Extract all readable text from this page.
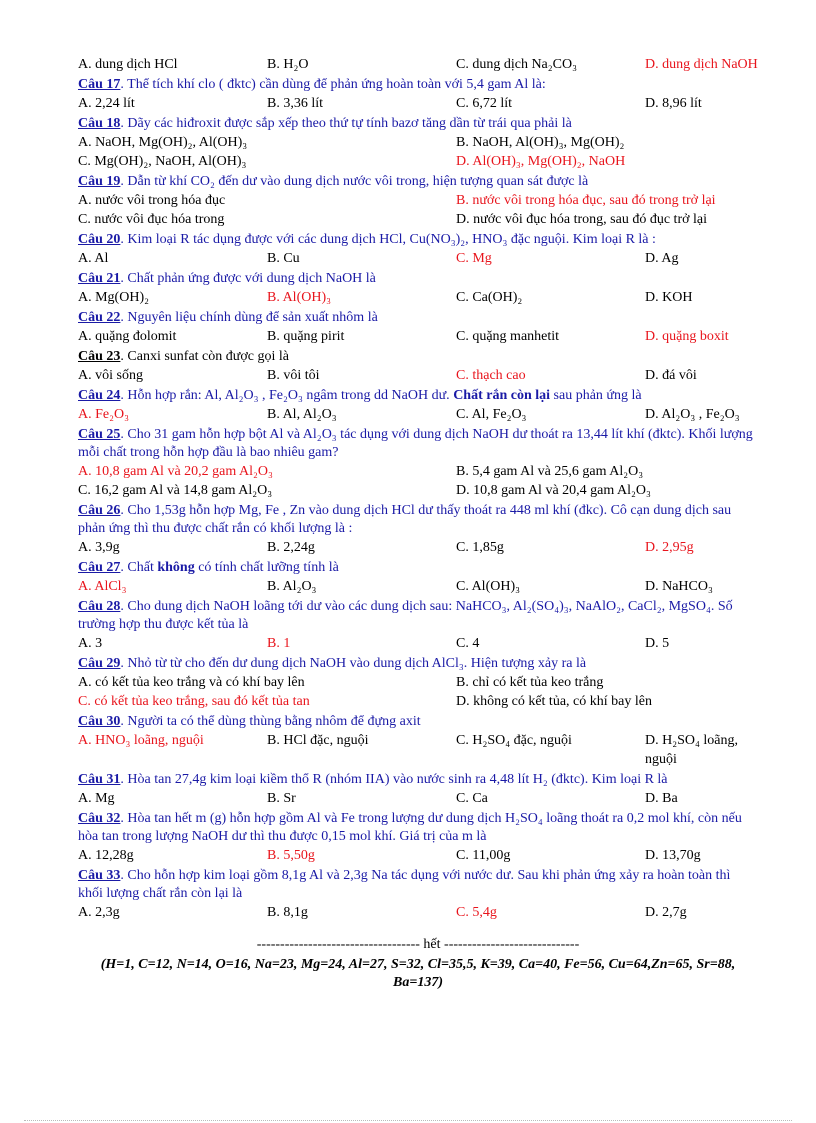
A. dung dịch HCl	B. H₂O	C. dung dịch Na₂CO₃	D. dung dịch NaOH
Câu 17. Thể tích khí clo ( đktc) cần dùng để phản ứng hoàn toàn với 5,4 gam Al là:
A. 2,24 lít	B. 3,36 lít	C. 6,72 lít	D. 8,96 lít
Câu 18. Dãy các hiđroxit được sắp xếp theo thứ tự tính bazơ tăng dần từ trái qua phải là
A. NaOH, Mg(OH)₂, Al(OH)₃	B. NaOH, Al(OH)₃, Mg(OH)₂
C. Mg(OH)₂, NaOH, Al(OH)₃	D. Al(OH)₃, Mg(OH)₂, NaOH
Câu 19. Dẫn từ khí CO₂ đến dư vào dung dịch nước vôi trong, hiện tượng quan sát được là
A. nước vôi trong hóa đục	B. nước vôi trong hóa đục, sau đó trong trở lại
C. nước vôi đục hóa trong	D. nước vôi đục hóa trong, sau đó đục trở lại
Câu 20. Kim loại R tác dụng được với các dung dịch HCl, Cu(NO₃)₂, HNO₃ đặc nguội. Kim loại R là :
A. Al	B. Cu	C. Mg	D. Ag
Câu 21. Chất phản ứng được với dung dịch NaOH là
A. Mg(OH)₂	B. Al(OH)₃	C. Ca(OH)₂	D. KOH
Câu 22. Nguyên liệu chính dùng để sản xuất nhôm là
A. quặng đolomit	B. quặng pirit	C. quặng manhetit	D. quặng boxit
Câu 23. Canxi sunfat còn được gọi là
A. vôi sống	B. vôi tôi	C. thạch cao	D. đá vôi
Câu 24. Hỗn hợp rắn: Al, Al₂O₃ , Fe₂O₃ ngâm trong dd NaOH dư. Chất rắn còn lại sau phản ứng là
A. Fe₂O₃	B. Al, Al₂O₃	C. Al, Fe₂O₃	D. Al₂O₃ , Fe₂O₃
Câu 25. Cho 31 gam hỗn hợp bột Al và Al₂O₃ tác dụng với dung dịch NaOH dư thoát ra 13,44 lít khí (đktc). Khối lượng mỗi chất trong hỗn hợp đầu là bao nhiêu gam?
A. 10,8 gam Al và 20,2 gam Al₂O₃	B. 5,4 gam Al và 25,6 gam Al₂O₃
C. 16,2 gam Al và 14,8 gam Al₂O₃	D. 10,8 gam Al và 20,4 gam Al₂O₃
Câu 26. Cho 1,53g hỗn hợp Mg, Fe , Zn vào dung dịch HCl dư thấy thoát ra 448 ml khí (đkc). Cô cạn dung dịch sau phản ứng thì thu được chất rắn có khối lượng là :
A. 3,9g	B. 2,24g	C. 1,85g	D. 2,95g
Câu 27. Chất không có tính chất lưỡng tính là
A. AlCl₃	B. Al₂O₃	C. Al(OH)₃	D. NaHCO₃
Câu 28. Cho dung dịch NaOH loãng tới dư vào các dung dịch sau: NaHCO₃, Al₂(SO₄)₃, NaAlO₂, CaCl₂, MgSO₄. Số trường hợp thu được kết tủa là
A. 3	B. 1	C. 4	D. 5
Câu 29. Nhỏ từ từ cho đến dư dung dịch NaOH vào dung dịch AlCl₃. Hiện tượng xảy ra là
A. có kết tủa keo trắng và có khí bay lên	B. chỉ có kết tủa keo trắng
C. có kết tủa keo trắng, sau đó kết tủa tan	D. không có kết tủa, có khí bay lên
Câu 30. Người ta có thể dùng thùng bằng nhôm để đựng axit
A. HNO₃ loãng, nguội	B. HCl đặc, nguội	C. H₂SO₄ đặc, nguội	D. H₂SO₄ loãng, nguội
Câu 31. Hòa tan 27,4g kim loại kiềm thổ R (nhóm IIA) vào nước sinh ra 4,48 lít H₂ (đktc). Kim loại R là
A. Mg	B. Sr	C. Ca	D. Ba
Câu 32. Hòa tan hết m (g) hỗn hợp gồm Al và Fe trong lượng dư dung dịch H₂SO₄ loãng thoát ra 0,2 mol khí, còn nếu hòa tan trong lượng NaOH dư thì thu được 0,15 mol khí. Giá trị của m là
A. 12,28g	B. 5,50g	C. 11,00g	D. 13,70g
Câu 33. Cho hỗn hợp kim loại gồm 8,1g Al và 2,3g Na tác dụng với nước dư. Sau khi phản ứng xảy ra hoàn toàn thì khối lượng chất rắn còn lại là
A. 2,3g	B. 8,1g	C. 5,4g	D. 2,7g
----------------------------------- hết -----------------------------
(H=1, C=12, N=14, O=16, Na=23, Mg=24, Al=27, S=32, Cl=35,5, K=39, Ca=40, Fe=56, Cu=64,Zn=65, Sr=88, Ba=137)
